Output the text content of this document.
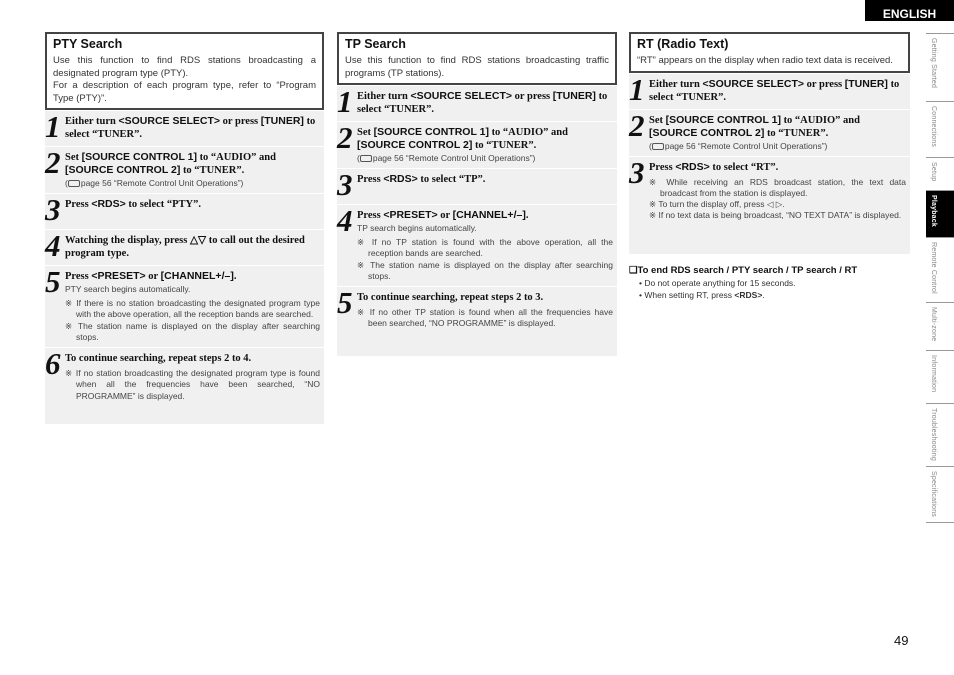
ENGLISH
PTY Search
Use this function to find RDS stations broadcasting a designated program type (PTY).
For a description of each program type, refer to “Program Type (PTY)”.
1 Either turn <SOURCE SELECT> or press [TUNER] to select “TUNER”.
2 Set [SOURCE CONTROL 1] to “AUDIO” and [SOURCE CONTROL 2] to “TUNER”.
( page 56 “Remote Control Unit Operations”)
3 Press <RDS> to select “PTY”.
4 Watching the display, press △▽ to call out the desired program type.
5 Press <PRESET> or [CHANNEL+/–].
PTY search begins automatically.
※ If there is no station broadcasting the designated program type with the above operation, all the reception bands are searched.
※ The station name is displayed on the display after searching stops.
6 To continue searching, repeat steps 2 to 4.
※ If no station broadcasting the designated program type is found when all the frequencies have been searched, “NO PROGRAMME” is displayed.
TP Search
Use this function to find RDS stations broadcasting traffic programs (TP stations).
1 Either turn <SOURCE SELECT> or press [TUNER] to select “TUNER”.
2 Set [SOURCE CONTROL 1] to “AUDIO” and [SOURCE CONTROL 2] to “TUNER”.
( page 56 “Remote Control Unit Operations”)
3 Press <RDS> to select “TP”.
4 Press <PRESET> or [CHANNEL+/–].
TP search begins automatically.
※ If no TP station is found with the above operation, all the reception bands are searched.
※ The station name is displayed on the display after searching stops.
5 To continue searching, repeat steps 2 to 3.
※ If no other TP station is found when all the frequencies have been searched, “NO PROGRAMME” is displayed.
RT (Radio Text)
“RT” appears on the display when radio text data is received.
1 Either turn <SOURCE SELECT> or press [TUNER] to select “TUNER”.
2 Set [SOURCE CONTROL 1] to “AUDIO” and [SOURCE CONTROL 2] to “TUNER”.
( page 56 “Remote Control Unit Operations”)
3 Press <RDS> to select “RT”.
※ While receiving an RDS broadcast station, the text data broadcast from the station is displayed.
※ To turn the display off, press ◁ ▷.
※ If no text data is being broadcast, “NO TEXT DATA” is displayed.
❑To end RDS search / PTY search / TP search / RT
• Do not operate anything for 15 seconds.
• When setting RT, press <RDS>.
Getting Started
Connections
Setup
Playback
Remote Control
Multi-zone
Information
Troubleshooting
Specifications
49
